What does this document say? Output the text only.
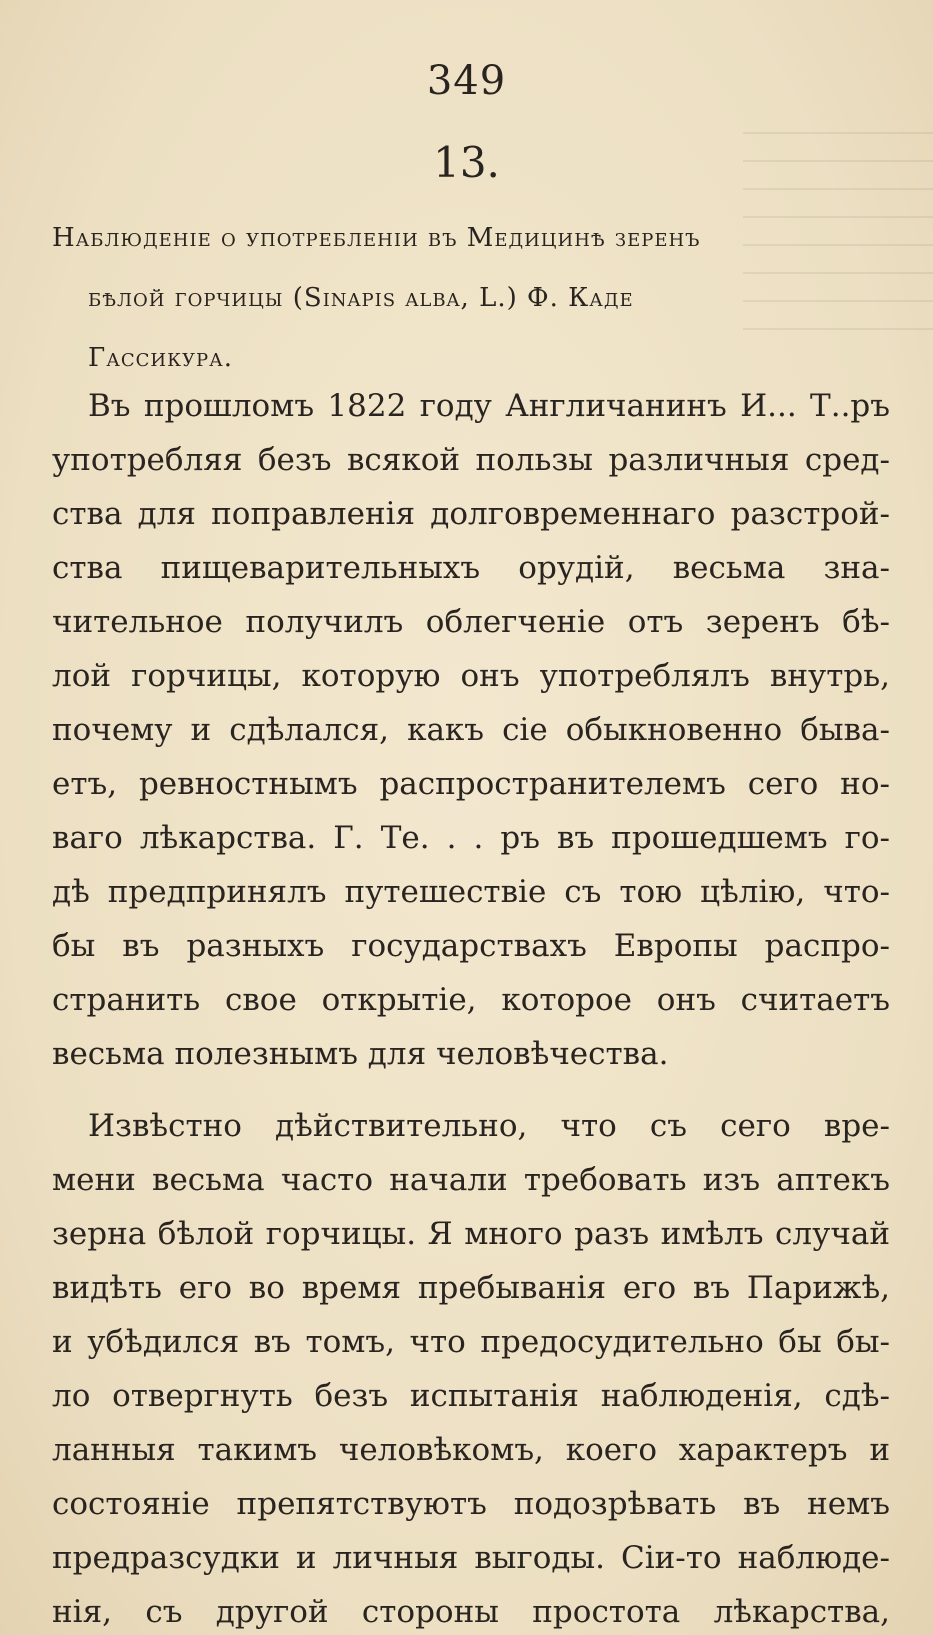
349
13.
Наблюденiе о употребленiи въ Медицинѣ зеренъ
бѣлой горчицы (Sinapis alba, L.) Ф. Каде
Гассикура.
Въ прошломъ 1822 году Англичанинъ И... Т..ръ
употребляя безъ всякой пользы различныя сред-
ства для поправленiя долговременнаго разстрой-
ства пищеварительныхъ орудiй, весьма зна-
чительное получилъ облегченiе отъ зеренъ бѣ-
лой горчицы, которую онъ употреблялъ внутрь,
почему и сдѣлался, какъ сiе обыкновенно быва-
етъ, ревностнымъ распространителемъ сего но-
ваго лѣкарства. Г. Те. . . ръ въ прошедшемъ го-
дѣ предпринялъ путешествiе съ тою цѣлiю, что-
бы въ разныхъ государствахъ Европы распро-
странить свое открытiе, которое онъ считаетъ
весьма полезнымъ для человѣчества.
Извѣстно дѣйствительно, что съ сего вре-
мени весьма часто начали требовать изъ аптекъ
зерна бѣлой горчицы. Я много разъ имѣлъ случай
видѣть его во время пребыванiя его въ Парижѣ,
и убѣдился въ томъ, что предосудительно бы бы-
ло отвергнуть безъ испытанiя наблюденiя, сдѣ-
ланныя такимъ человѣкомъ, коего характеръ и
состоянiе препятствуютъ подозрѣвать въ немъ
предразсудки и личныя выгоды. Сiи-то наблюде-
нiя, съ другой стороны простота лѣкарства,
